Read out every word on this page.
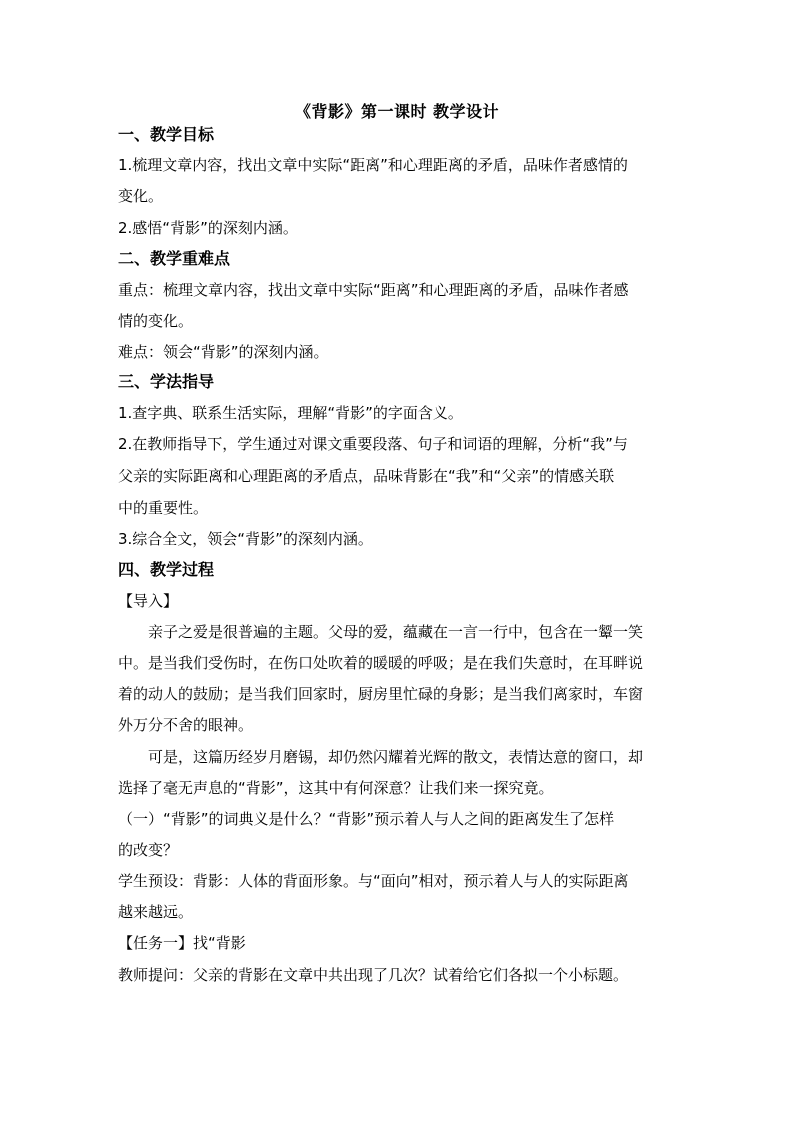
《背影》第一课时 教学设计
一、教学目标
1.梳理文章内容，找出文章中实际“距离”和心理距离的矛盾，品味作者感情的
变化。
2.感悟“背影”的深刻内涵。
二、教学重难点
重点：梳理文章内容，找出文章中实际“距离”和心理距离的矛盾，品味作者感
情的变化。
难点：领会“背影”的深刻内涵。
三、学法指导
1.查字典、联系生活实际，理解“背影”的字面含义。
2.在教师指导下，学生通过对课文重要段落、句子和词语的理解，分析“我”与
父亲的实际距离和心理距离的矛盾点，品味背影在“我”和“父亲”的情感关联
中的重要性。
3.综合全文，领会“背影”的深刻内涵。
四、教学过程
【导入】
亲子之爱是很普遍的主题。父母的爱，蕴藏在一言一行中，包含在一颦一笑
中。是当我们受伤时，在伤口处吹着的暖暖的呼吸；是在我们失意时，在耳畔说
着的动人的鼓励；是当我们回家时，厨房里忙碌的身影；是当我们离家时，车窗
外万分不舍的眼神。
可是，这篇历经岁月磨锡，却仍然闪耀着光辉的散文，表情达意的窗口，却
选择了毫无声息的“背影”，这其中有何深意？让我们来一探究竟。
（一）“背影”的词典义是什么？“背影”预示着人与人之间的距离发生了怎样
的改变？
学生预设：背影：人体的背面形象。与“面向”相对，预示着人与人的实际距离
越来越远。
【任务一】找“背影
教师提问：父亲的背影在文章中共出现了几次？试着给它们各拟一个小标题。
